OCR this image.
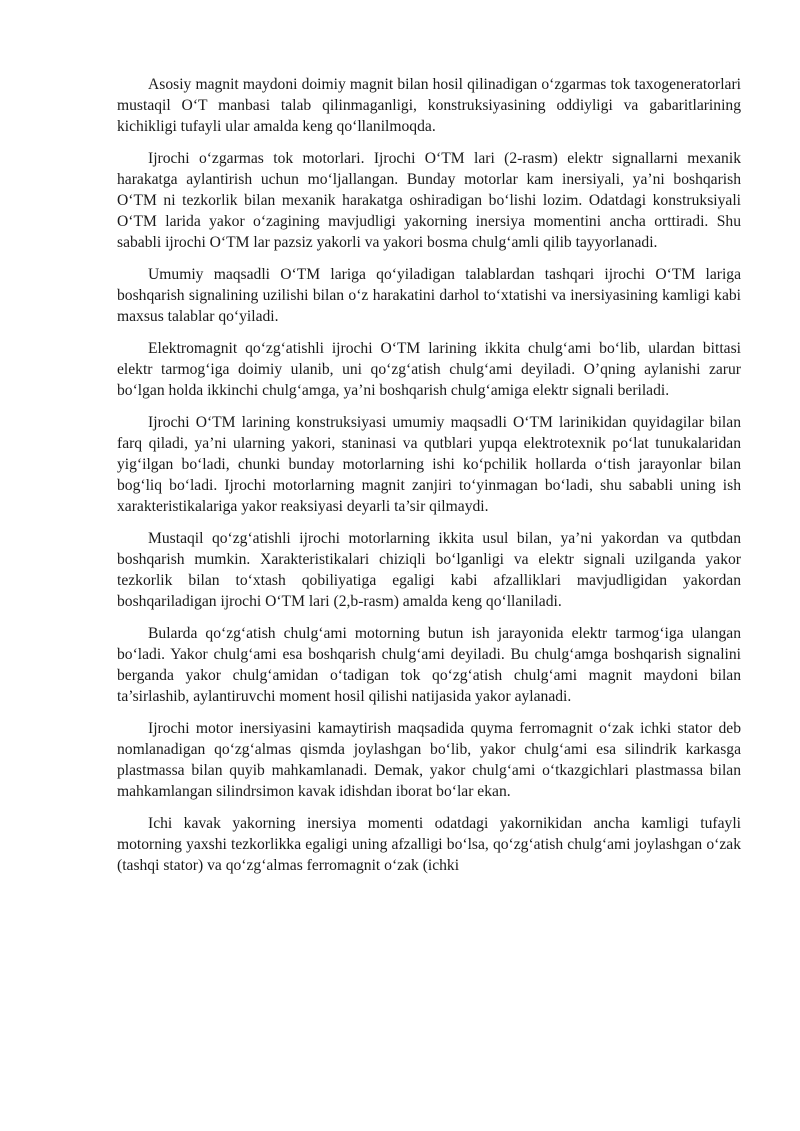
Asosiy magnit maydoni doimiy magnit bilan hosil qilinadigan o‘zgarmas tok taxogeneratorlari mustaqil O‘T manbasi talab qilinmaganligi, konstruksiyasining oddiyligi va gabaritlarining kichikligi tufayli ular amalda keng qo‘llanilmoqda.

Ijrochi o‘zgarmas tok motorlari. Ijrochi O‘TM lari (2-rasm) elektr signallarni mexanik harakatga aylantirish uchun mo‘ljallangan. Bunday motorlar kam inersiyali, ya’ni boshqarish O‘TM ni tezkorlik bilan mexanik harakatga oshiradigan bo‘lishi lozim. Odatdagi konstruksiyali O‘TM larida yakor o‘zagining mavjudligi yakorning inersiya momentini ancha orttiradi. Shu sababli ijrochi O‘TM lar pazsiz yakorli va yakori bosma chulg‘amli qilib tayyorlanadi.

Umumiy maqsadli O‘TM lariga qo‘yiladigan talablardan tashqari ijrochi O‘TM lariga boshqarish signalining uzilishi bilan o‘z harakatini darhol to‘xtatishi va inersiyasining kamligi kabi maxsus talablar qo‘yiladi.

Elektromagnit qo‘zg‘atishli ijrochi O‘TM larining ikkita chulg‘ami bo‘lib, ulardan bittasi elektr tarmog‘iga doimiy ulanib, uni qo‘zg‘atish chulg‘ami deyiladi. O’qning aylanishi zarur bo‘lgan holda ikkinchi chulg‘amga, ya’ni boshqarish chulg‘amiga elektr signali beriladi.

Ijrochi O‘TM larining konstruksiyasi umumiy maqsadli O‘TM larinikidan quyidagilar bilan farq qiladi, ya’ni ularning yakori, staninasi va qutblari yupqa elektrotexnik po‘lat tunukalaridan yig‘ilgan bo‘ladi, chunki bunday motorlarning ishi ko‘pchilik hollarda o‘tish jarayonlar bilan bog‘liq bo‘ladi. Ijrochi motorlarning magnit zanjiri to‘yinmagan bo‘ladi, shu sababli uning ish xarakteristikalariga yakor reaksiyasi deyarli ta’sir qilmaydi.

Mustaqil qo‘zg‘atishli ijrochi motorlarning ikkita usul bilan, ya’ni yakordan va qutbdan boshqarish mumkin. Xarakteristikalari chiziqli bo‘lganligi va elektr signali uzilganda yakor tezkorlik bilan to‘xtash qobiliyatiga egaligi kabi afzalliklari mavjudligidan yakordan boshqariladigan ijrochi O‘TM lari (2,b-rasm) amalda keng qo‘llaniladi.

Bularda qo‘zg‘atish chulg‘ami motorning butun ish jarayonida elektr tarmog‘iga ulangan bo‘ladi. Yakor chulg‘ami esa boshqarish chulg‘ami deyiladi. Bu chulg‘amga boshqarish signalini berganda yakor chulg‘amidan o‘tadigan tok qo‘zg‘atish chulg‘ami magnit maydoni bilan ta’sirlashib, aylantiruvchi moment hosil qilishi natijasida yakor aylanadi.

Ijrochi motor inersiyasini kamaytirish maqsadida quyma ferromagnit o‘zak ichki stator deb nomlanadigan qo‘zg‘almas qismda joylashgan bo‘lib, yakor chulg‘ami esa silindrik karkasga plastmassa bilan quyib mahkamlanadi. Demak, yakor chulg‘ami o‘tkazgichlari plastmassa bilan mahkamlangan silindrsimon kavak idishdan iborat bo‘lar ekan.

Ichi kavak yakorning inersiya momenti odatdagi yakornikidan ancha kamligi tufayli motorning yaxshi tezkorlikka egaligi uning afzalligi bo‘lsa, qo‘zg‘atish chulg‘ami joylashgan o‘zak (tashqi stator) va qo‘zg‘almas ferromagnit o‘zak (ichki
